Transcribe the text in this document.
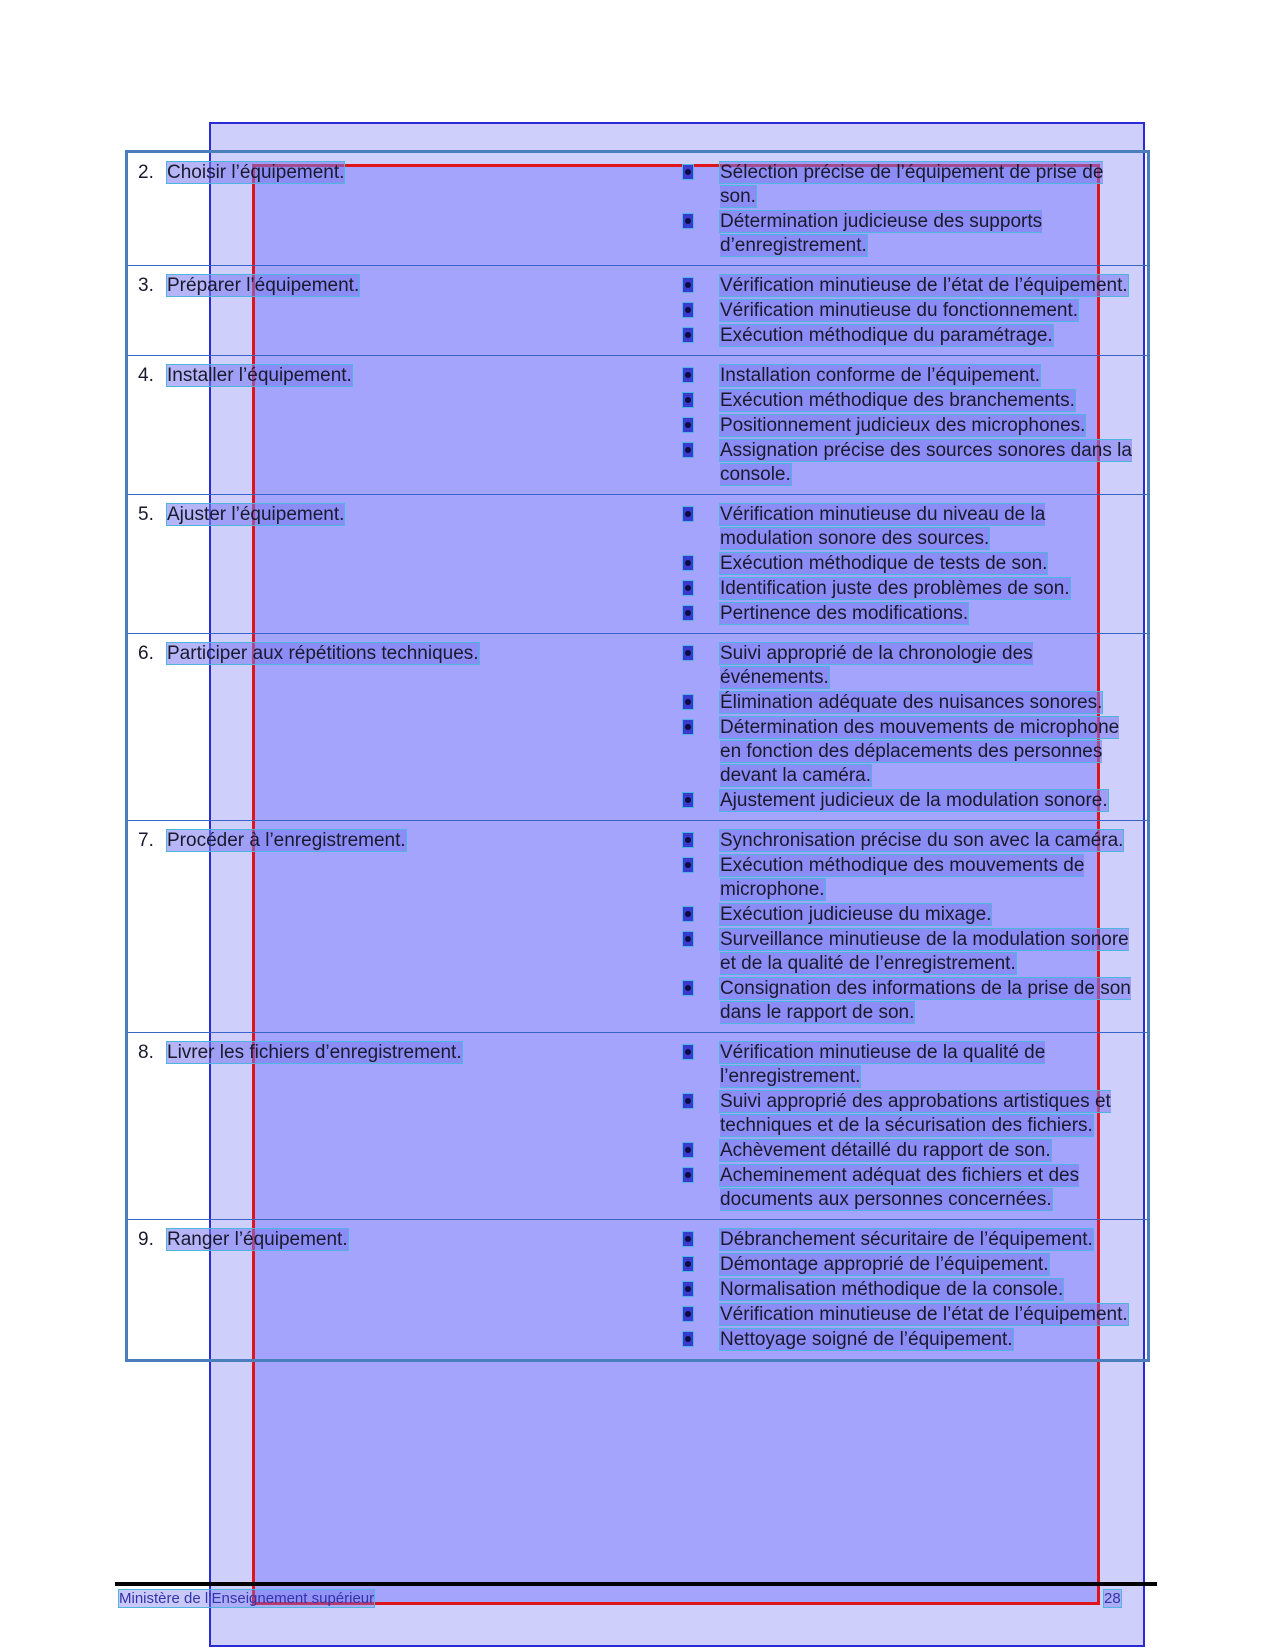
2. Choisir l’équipement.	Sélection précise de l’équipement de prise de son.
Détermination judicieuse des supports d’enregistrement.
3. Préparer l’équipement.	Vérification minutieuse de l’état de l’équipement.
Vérification minutieuse du fonctionnement.
Exécution méthodique du paramétrage.
4. Installer l’équipement.	Installation conforme de l’équipement.
Exécution méthodique des branchements.
Positionnement judicieux des microphones.
Assignation précise des sources sonores dans la console.
5. Ajuster l’équipement.	Vérification minutieuse du niveau de la modulation sonore des sources.
Exécution méthodique de tests de son.
Identification juste des problèmes de son.
Pertinence des modifications.
6. Participer aux répétitions techniques.	Suivi approprié de la chronologie des événements.
Élimination adéquate des nuisances sonores.
Détermination des mouvements de microphone en fonction des déplacements des personnes devant la caméra.
Ajustement judicieux de la modulation sonore.
7. Procéder à l’enregistrement.	Synchronisation précise du son avec la caméra.
Exécution méthodique des mouvements de microphone.
Exécution judicieuse du mixage.
Surveillance minutieuse de la modulation sonore et de la qualité de l’enregistrement.
Consignation des informations de la prise de son dans le rapport de son.
8. Livrer les fichiers d’enregistrement.	Vérification minutieuse de la qualité de l’enregistrement.
Suivi approprié des approbations artistiques et techniques et de la sécurisation des fichiers.
Achèvement détaillé du rapport de son.
Acheminement adéquat des fichiers et des documents aux personnes concernées.
9. Ranger l’équipement.	Débranchement sécuritaire de l’équipement.
Démontage approprié de l’équipement.
Normalisation méthodique de la console.
Vérification minutieuse de l’état de l’équipement.
Nettoyage soigné de l’équipement.
Ministère de l’Enseignement supérieur	28
